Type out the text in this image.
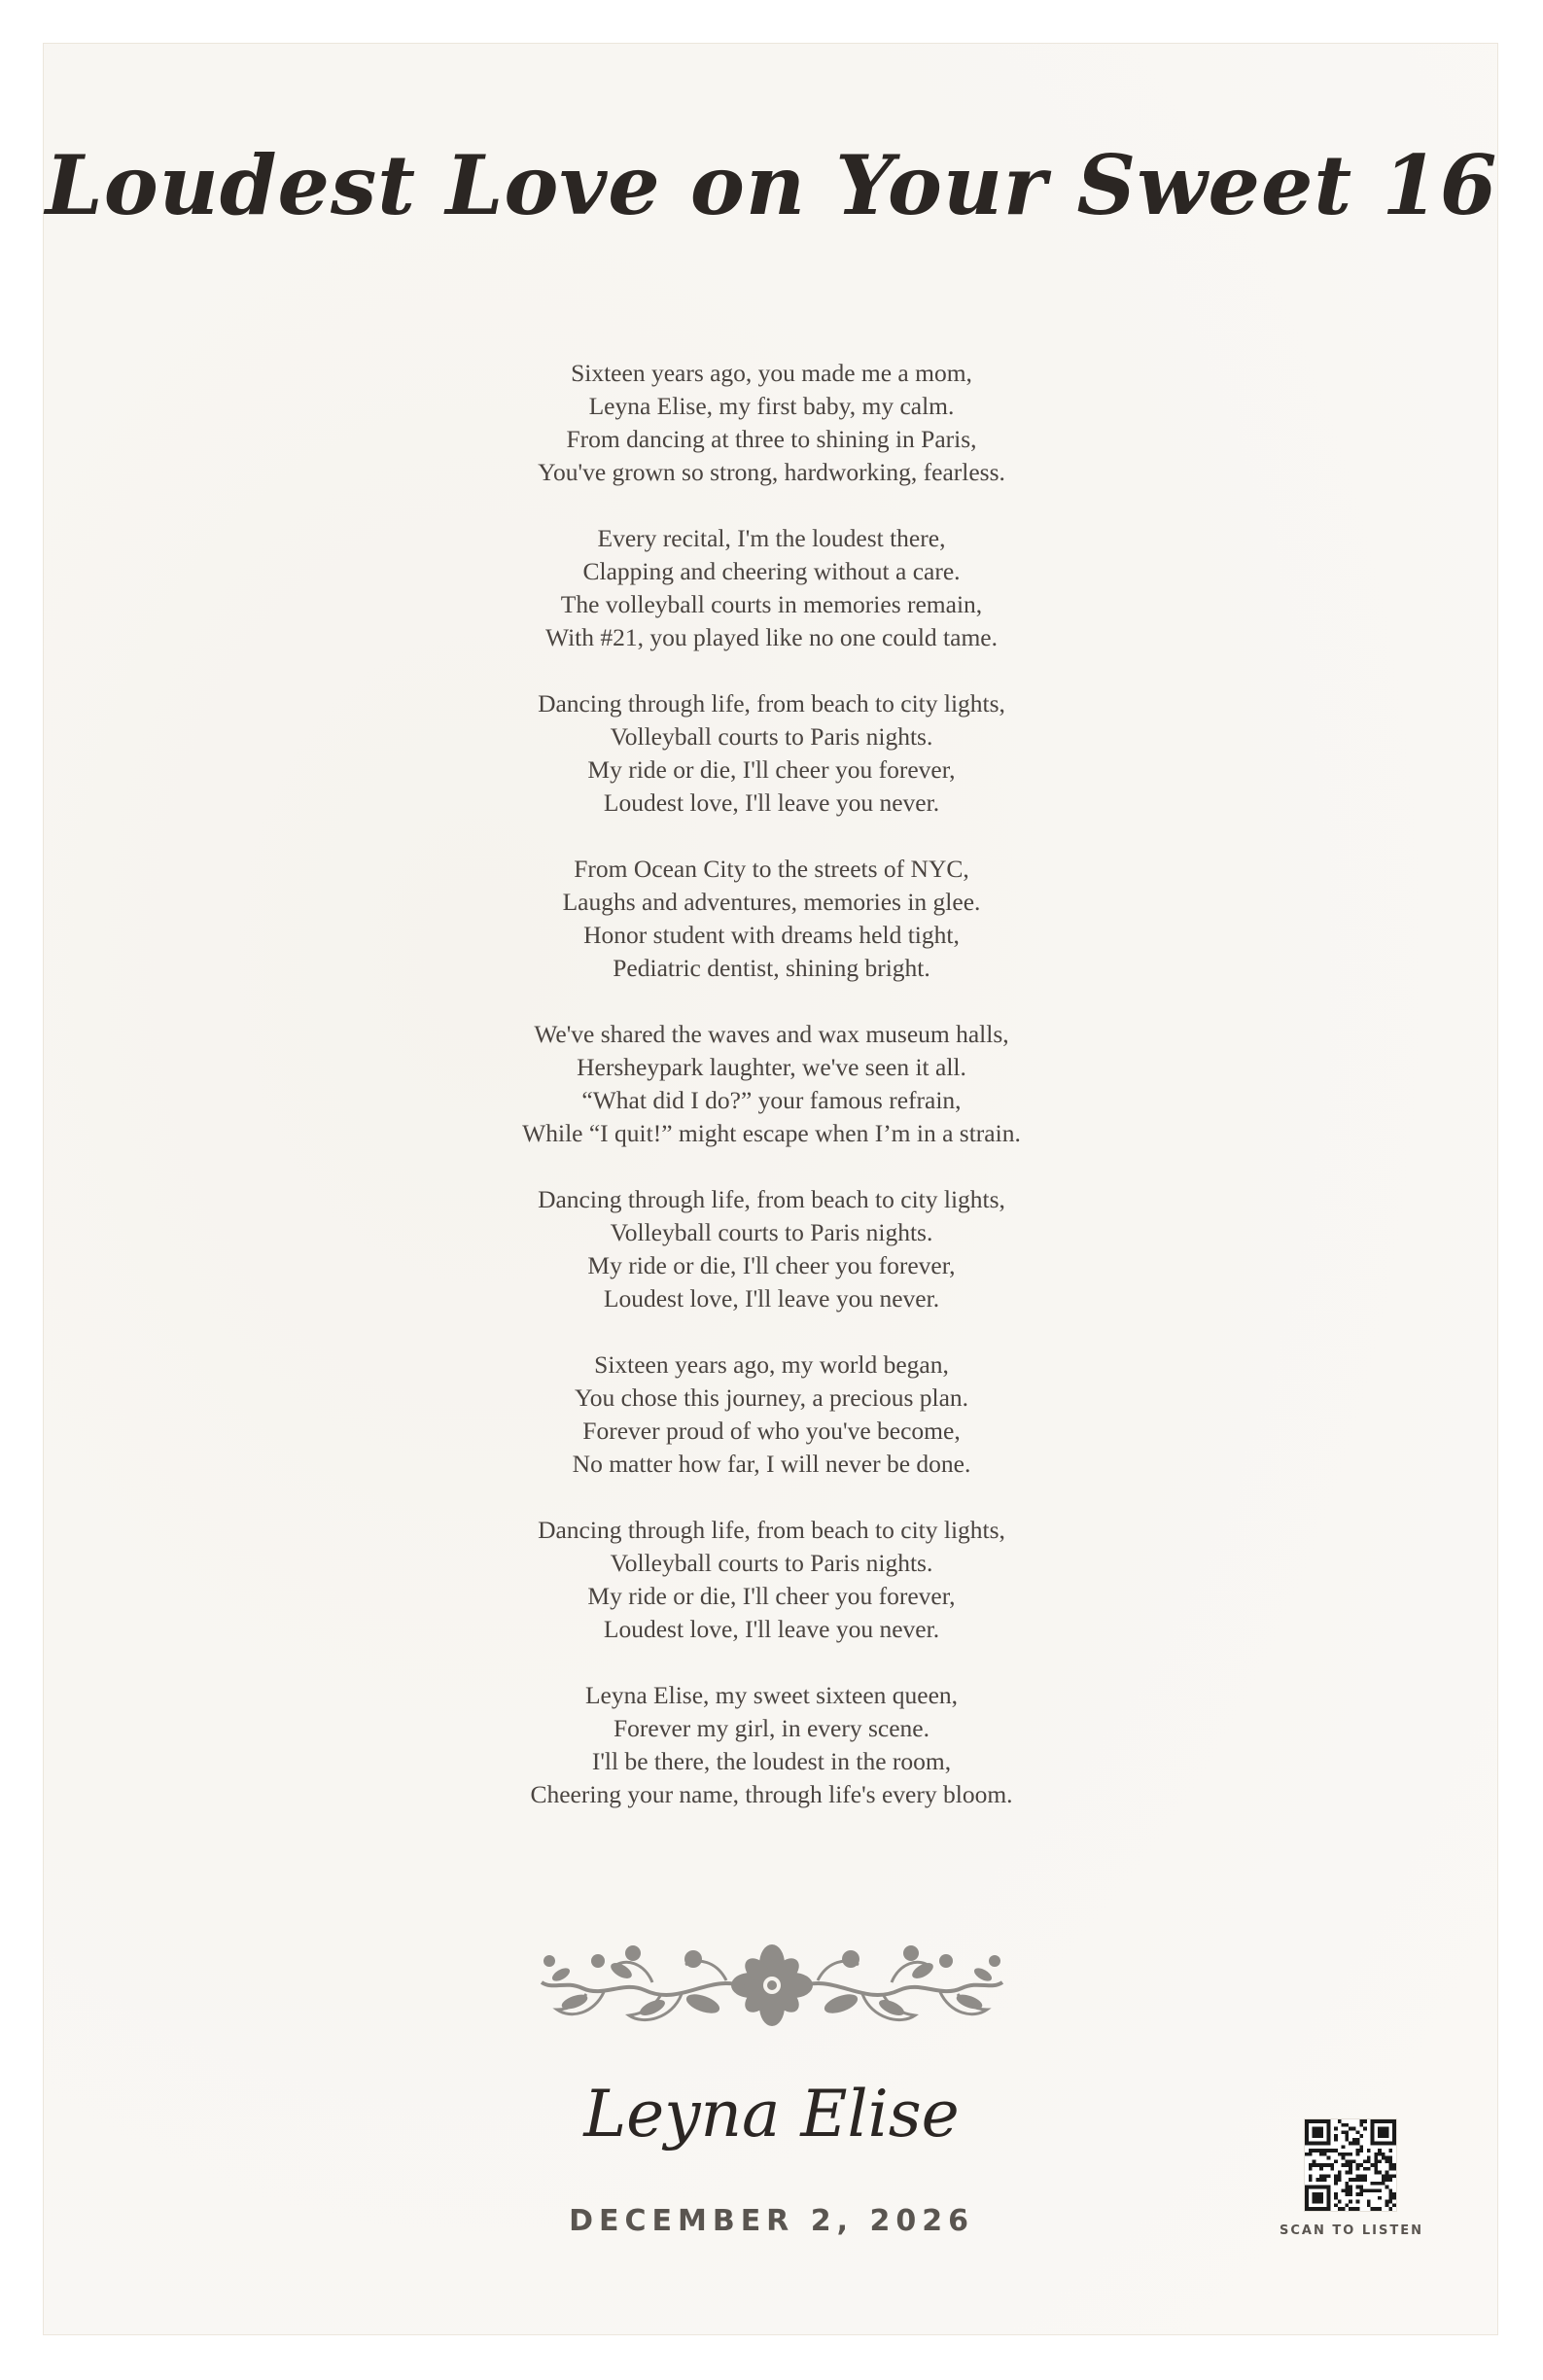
Loudest Love on Your Sweet 16

Sixteen years ago, you made me a mom,
Leyna Elise, my first baby, my calm.
From dancing at three to shining in Paris,
You've grown so strong, hardworking, fearless.

Every recital, I'm the loudest there,
Clapping and cheering without a care.
The volleyball courts in memories remain,
With #21, you played like no one could tame.

Dancing through life, from beach to city lights,
Volleyball courts to Paris nights.
My ride or die, I'll cheer you forever,
Loudest love, I'll leave you never.

From Ocean City to the streets of NYC,
Laughs and adventures, memories in glee.
Honor student with dreams held tight,
Pediatric dentist, shining bright.

We've shared the waves and wax museum halls,
Hersheypark laughter, we've seen it all.
“What did I do?” your famous refrain,
While “I quit!” might escape when I’m in a strain.

Dancing through life, from beach to city lights,
Volleyball courts to Paris nights.
My ride or die, I'll cheer you forever,
Loudest love, I'll leave you never.

Sixteen years ago, my world began,
You chose this journey, a precious plan.
Forever proud of who you've become,
No matter how far, I will never be done.

Dancing through life, from beach to city lights,
Volleyball courts to Paris nights.
My ride or die, I'll cheer you forever,
Loudest love, I'll leave you never.

Leyna Elise, my sweet sixteen queen,
Forever my girl, in every scene.
I'll be there, the loudest in the room,
Cheering your name, through life's every bloom.

Leyna Elise
DECEMBER 2, 2026	SCAN TO LISTEN
